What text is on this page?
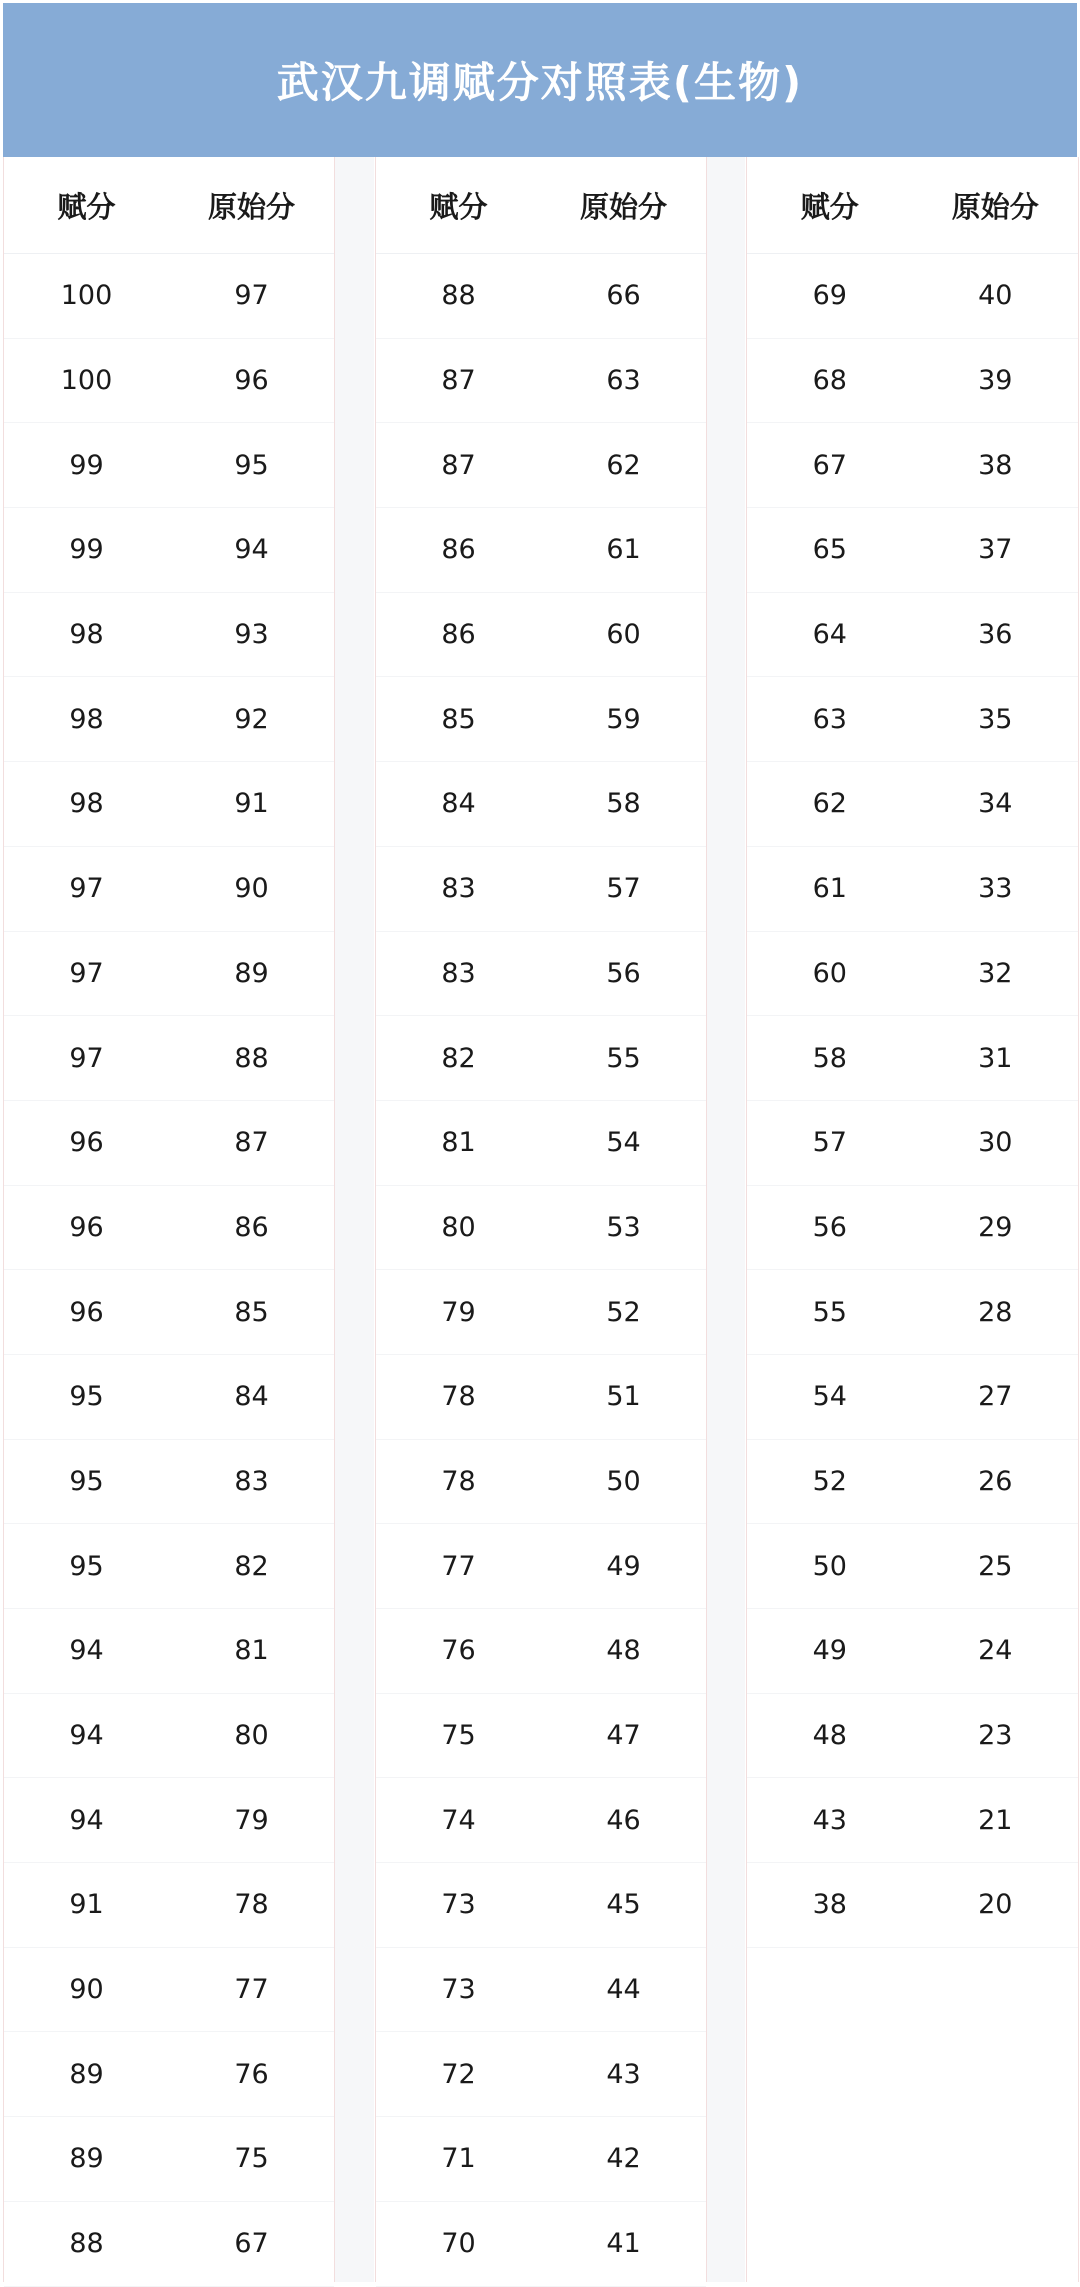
武汉九调赋分对照表(生物)
赋分	原始分
100	97
100	96
99	95
99	94
98	93
98	92
98	91
97	90
97	89
97	88
96	87
96	86
96	85
95	84
95	83
95	82
94	81
94	80
94	79
91	78
90	77
89	76
89	75
88	67
赋分	原始分
88	66
87	63
87	62
86	61
86	60
85	59
84	58
83	57
83	56
82	55
81	54
80	53
79	52
78	51
78	50
77	49
76	48
75	47
74	46
73	45
73	44
72	43
71	42
70	41
赋分	原始分
69	40
68	39
67	38
65	37
64	36
63	35
62	34
61	33
60	32
58	31
57	30
56	29
55	28
54	27
52	26
50	25
49	24
48	23
43	21
38	20
